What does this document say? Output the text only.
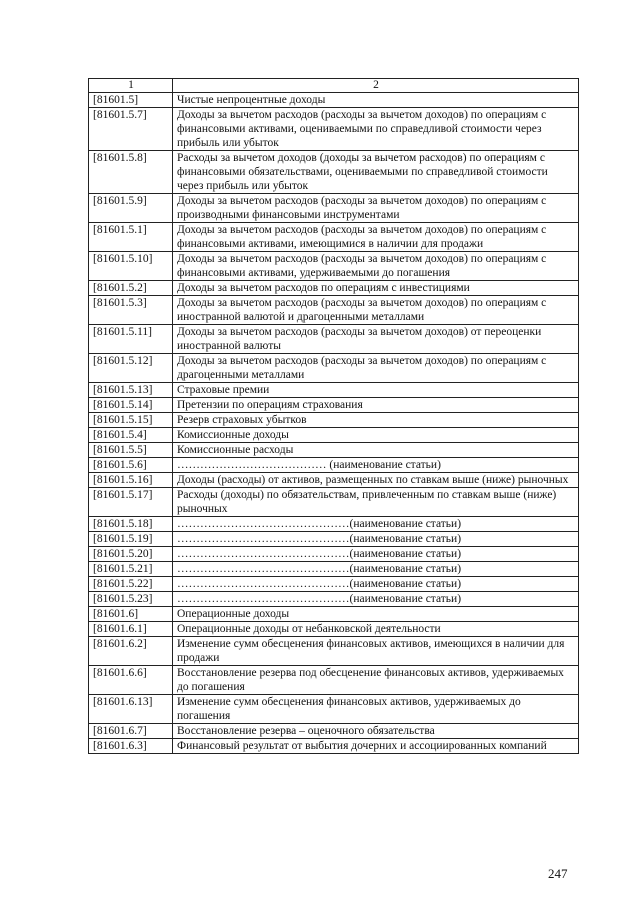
1	2
[81601.5]	Чистые непроцентные доходы
[81601.5.7]	Доходы за вычетом расходов (расходы за вычетом доходов) по операциям с финансовыми активами, оцениваемыми по справедливой стоимости через прибыль или убыток
[81601.5.8]	Расходы за вычетом доходов (доходы за вычетом расходов) по операциям с финансовыми обязательствами, оцениваемыми по справедливой стоимости через прибыль или убыток
[81601.5.9]	Доходы за вычетом расходов (расходы за вычетом доходов) по операциям с производными финансовыми инструментами
[81601.5.1]	Доходы за вычетом расходов (расходы за вычетом доходов) по операциям с финансовыми активами, имеющимися в наличии для продажи
[81601.5.10]	Доходы за вычетом расходов (расходы за вычетом доходов) по операциям с финансовыми активами, удерживаемыми до погашения
[81601.5.2]	Доходы за вычетом расходов по операциям с инвестициями
[81601.5.3]	Доходы за вычетом расходов (расходы за вычетом доходов) по операциям с иностранной валютой и драгоценными металлами
[81601.5.11]	Доходы за вычетом расходов (расходы за вычетом доходов) от переоценки иностранной валюты
[81601.5.12]	Доходы за вычетом расходов (расходы за вычетом доходов) по операциям с драгоценными металлами
[81601.5.13]	Страховые премии
[81601.5.14]	Претензии по операциям страхования
[81601.5.15]	Резерв страховых убытков
[81601.5.4]	Комиссионные доходы
[81601.5.5]	Комиссионные расходы
[81601.5.6]	………………………………… (наименование статьи)
[81601.5.16]	Доходы (расходы) от активов, размещенных по ставкам выше (ниже) рыночных
[81601.5.17]	Расходы (доходы) по обязательствам, привлеченным по ставкам выше (ниже) рыночных
[81601.5.18]	………………………………………(наименование статьи)
[81601.5.19]	………………………………………(наименование статьи)
[81601.5.20]	………………………………………(наименование статьи)
[81601.5.21]	………………………………………(наименование статьи)
[81601.5.22]	………………………………………(наименование статьи)
[81601.5.23]	………………………………………(наименование статьи)
[81601.6]	Операционные доходы
[81601.6.1]	Операционные доходы от небанковской деятельности
[81601.6.2]	Изменение сумм обесценения финансовых активов, имеющихся в наличии для продажи
[81601.6.6]	Восстановление резерва под обесценение финансовых активов, удерживаемых до погашения
[81601.6.13]	Изменение сумм обесценения финансовых активов, удерживаемых до погашения
[81601.6.7]	Восстановление резерва – оценочного обязательства
[81601.6.3]	Финансовый результат от выбытия дочерних и ассоциированных компаний
247
